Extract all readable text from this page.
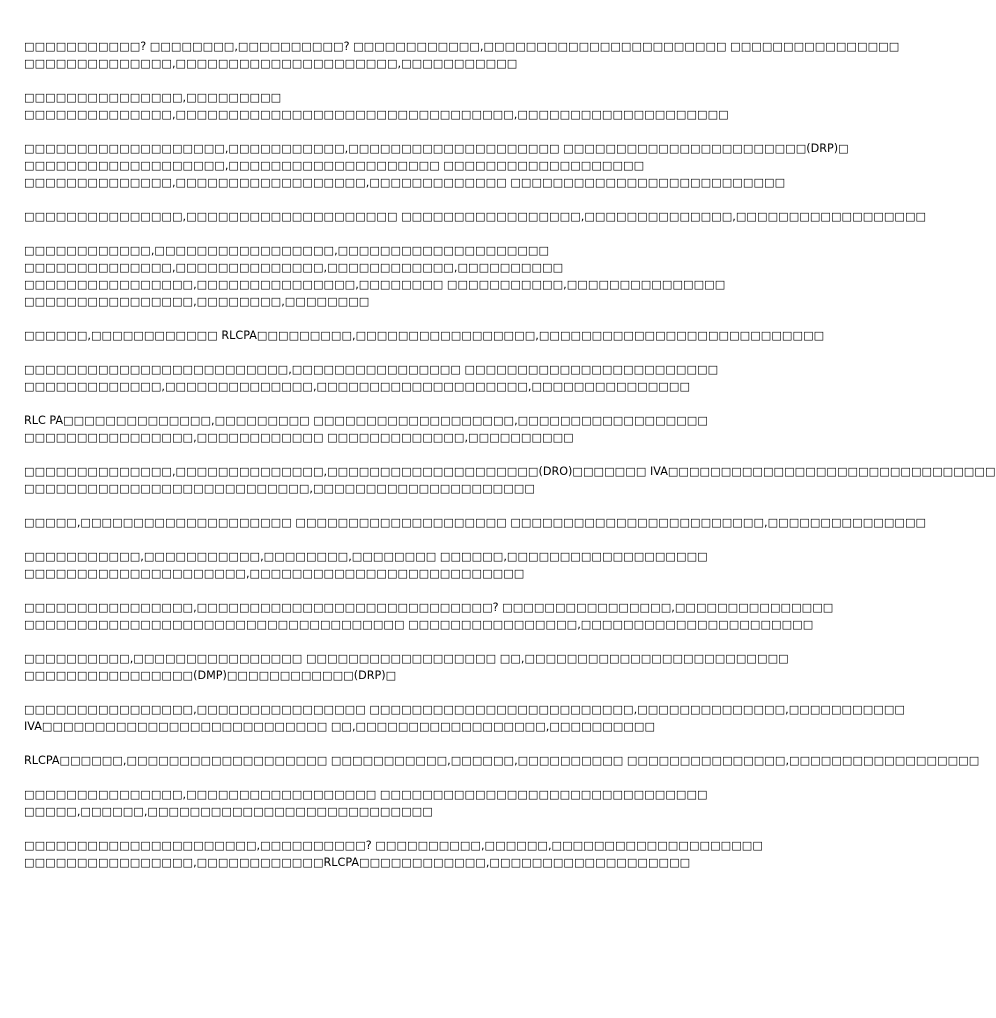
□□□□□□□□□□□? □□□□□□□□,□□□□□□□□□□? □□□□□□□□□□□□,□□□□□□□□□□□□□□□□□□□□□□□ □□□□□□□□□□□□□□□□
□□□□□□□□□□□□□□,□□□□□□□□□□□□□□□□□□□□□,□□□□□□□□□□□
□□□□□□□□□□□□□□□,□□□□□□□□□
□□□□□□□□□□□□□□,□□□□□□□□□□□□□□□□□□□□□□□□□□□□□□□□,□□□□□□□□□□□□□□□□□□□□
□□□□□□□□□□□□□□□□□□□,□□□□□□□□□□□,□□□□□□□□□□□□□□□□□□□□ □□□□□□□□□□□□□□□□□□□□□□□(DRP)□
□□□□□□□□□□□□□□□□□□□,□□□□□□□□□□□□□□□□□□□□ □□□□□□□□□□□□□□□□□□□
□□□□□□□□□□□□□□,□□□□□□□□□□□□□□□□□□,□□□□□□□□□□□□□ □□□□□□□□□□□□□□□□□□□□□□□□□□
□□□□□□□□□□□□□□□,□□□□□□□□□□□□□□□□□□□□ □□□□□□□□□□□□□□□□□,□□□□□□□□□□□□□□,□□□□□□□□□□□□□□□□□□
□□□□□□□□□□□□,□□□□□□□□□□□□□□□□□,□□□□□□□□□□□□□□□□□□□□
□□□□□□□□□□□□□□,□□□□□□□□□□□□□□,□□□□□□□□□□□□,□□□□□□□□□□
□□□□□□□□□□□□□□□□,□□□□□□□□□□□□□□□,□□□□□□□□ □□□□□□□□□□□,□□□□□□□□□□□□□□□
□□□□□□□□□□□□□□□□,□□□□□□□□,□□□□□□□□
□□□□□□,□□□□□□□□□□□□ RLCPA□□□□□□□□□,□□□□□□□□□□□□□□□□□,□□□□□□□□□□□□□□□□□□□□□□□□□□□
□□□□□□□□□□□□□□□□□□□□□□□□□,□□□□□□□□□□□□□□□□ □□□□□□□□□□□□□□□□□□□□□□□□
□□□□□□□□□□□□□,□□□□□□□□□□□□□□,□□□□□□□□□□□□□□□□□□□□,□□□□□□□□□□□□□□□
RLC PA□□□□□□□□□□□□□□,□□□□□□□□□ □□□□□□□□□□□□□□□□□□□,□□□□□□□□□□□□□□□□□□
□□□□□□□□□□□□□□□□,□□□□□□□□□□□□ □□□□□□□□□□□□□,□□□□□□□□□□
□□□□□□□□□□□□□□,□□□□□□□□□□□□□□,□□□□□□□□□□□□□□□□□□□□(DRO)□□□□□□□ IVA□□□□□□□□□□□□□□□□□□□□□□□□□□□□□□□
□□□□□□□□□□□□□□□□□□□□□□□□□□□,□□□□□□□□□□□□□□□□□□□□□
□□□□□,□□□□□□□□□□□□□□□□□□□□ □□□□□□□□□□□□□□□□□□□□ □□□□□□□□□□□□□□□□□□□□□□□□,□□□□□□□□□□□□□□□
□□□□□□□□□□□,□□□□□□□□□□□,□□□□□□□□,□□□□□□□□ □□□□□□,□□□□□□□□□□□□□□□□□□□
□□□□□□□□□□□□□□□□□□□□□,□□□□□□□□□□□□□□□□□□□□□□□□□□
□□□□□□□□□□□□□□□□,□□□□□□□□□□□□□□□□□□□□□□□□□□□□? □□□□□□□□□□□□□□□□,□□□□□□□□□□□□□□□
□□□□□□□□□□□□□□□□□□□□□□□□□□□□□□□□□□□□ □□□□□□□□□□□□□□□□,□□□□□□□□□□□□□□□□□□□□□□
□□□□□□□□□□,□□□□□□□□□□□□□□□□ □□□□□□□□□□□□□□□□□□ □□,□□□□□□□□□□□□□□□□□□□□□□□□□
□□□□□□□□□□□□□□□□(DMP)□□□□□□□□□□□□(DRP)□
□□□□□□□□□□□□□□□□,□□□□□□□□□□□□□□□□ □□□□□□□□□□□□□□□□□□□□□□□□□,□□□□□□□□□□□□□□,□□□□□□□□□□□
IVA□□□□□□□□□□□□□□□□□□□□□□□□□□□ □□,□□□□□□□□□□□□□□□□□□,□□□□□□□□□□
RLCPA□□□□□□,□□□□□□□□□□□□□□□□□□□ □□□□□□□□□□□,□□□□□□,□□□□□□□□□□ □□□□□□□□□□□□□□□,□□□□□□□□□□□□□□□□□□
□□□□□□□□□□□□□□□,□□□□□□□□□□□□□□□□□□ □□□□□□□□□□□□□□□□□□□□□□□□□□□□□□□
□□□□□,□□□□□□,□□□□□□□□□□□□□□□□□□□□□□□□□□□
□□□□□□□□□□□□□□□□□□□□□□,□□□□□□□□□□? □□□□□□□□□□,□□□□□□,□□□□□□□□□□□□□□□□□□□□
□□□□□□□□□□□□□□□□,□□□□□□□□□□□□RLCPA□□□□□□□□□□□□,□□□□□□□□□□□□□□□□□□□
